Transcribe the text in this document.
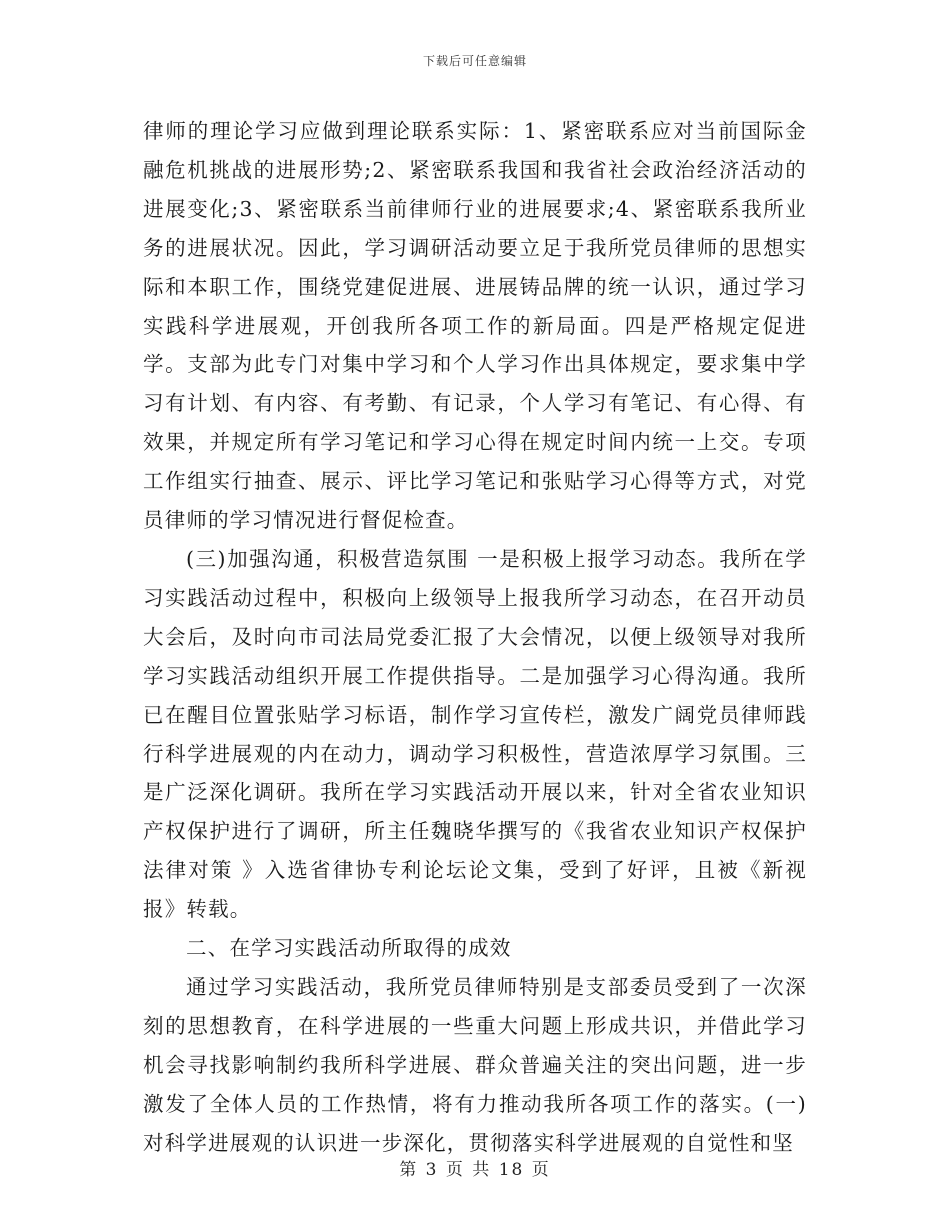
下载后可任意编辑

律师的理论学习应做到理论联系实际：1、紧密联系应对当前国际金融危机挑战的进展形势;2、紧密联系我国和我省社会政治经济活动的进展变化;3、紧密联系当前律师行业的进展要求;4、紧密联系我所业务的进展状况。因此，学习调研活动要立足于我所党员律师的思想实际和本职工作，围绕党建促进展、进展铸品牌的统一认识，通过学习实践科学进展观，开创我所各项工作的新局面。四是严格规定促进学。支部为此专门对集中学习和个人学习作出具体规定，要求集中学习有计划、有内容、有考勤、有记录，个人学习有笔记、有心得、有效果，并规定所有学习笔记和学习心得在规定时间内统一上交。专项工作组实行抽查、展示、评比学习笔记和张贴学习心得等方式，对党员律师的学习情况进行督促检查。

(三)加强沟通，积极营造氛围 一是积极上报学习动态。我所在学习实践活动过程中，积极向上级领导上报我所学习动态，在召开动员大会后，及时向市司法局党委汇报了大会情况，以便上级领导对我所学习实践活动组织开展工作提供指导。二是加强学习心得沟通。我所已在醒目位置张贴学习标语，制作学习宣传栏，激发广阔党员律师践行科学进展观的内在动力，调动学习积极性，营造浓厚学习氛围。三是广泛深化调研。我所在学习实践活动开展以来，针对全省农业知识产权保护进行了调研，所主任魏晓华撰写的《我省农业知识产权保护法律对策 》入选省律协专利论坛论文集，受到了好评，且被《新视报》转载。

二、在学习实践活动所取得的成效

通过学习实践活动，我所党员律师特别是支部委员受到了一次深刻的思想教育，在科学进展的一些重大问题上形成共识，并借此学习机会寻找影响制约我所科学进展、群众普遍关注的突出问题，进一步激发了全体人员的工作热情，将有力推动我所各项工作的落实。(一)对科学进展观的认识进一步深化，贯彻落实科学进展观的自觉性和坚

第 3 页 共 18 页
